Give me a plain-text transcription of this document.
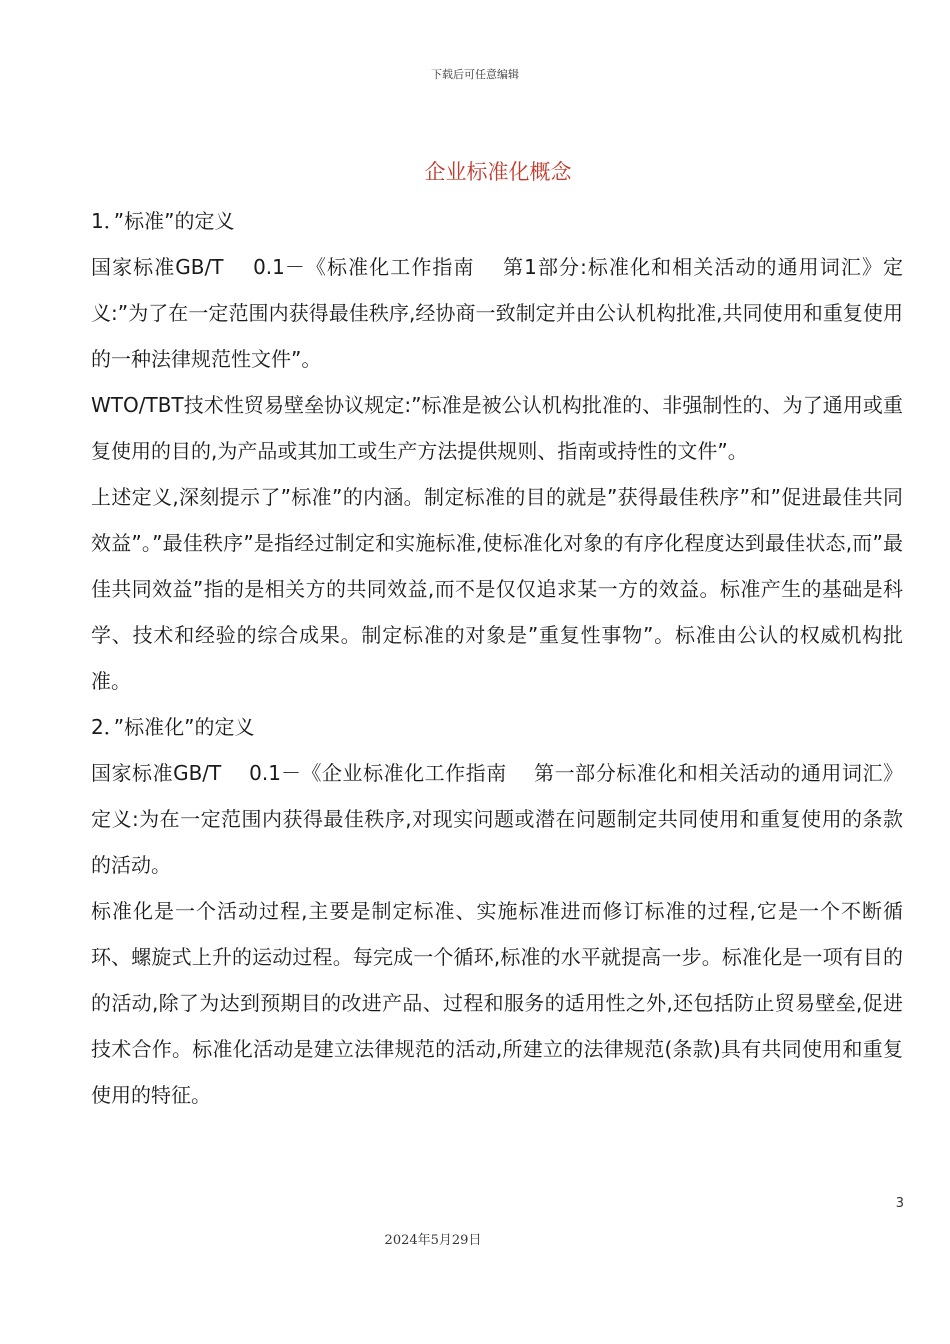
下载后可任意编辑
企业标准化概念

1．”标准”的定义

国家标准GB/T　 0.1－《标准化工作指南　 第1部分:标准化和相关活动的通用词汇》定义:”为了在一定范围内获得最佳秩序,经协商一致制定并由公认机构批准,共同使用和重复使用的一种法律规范性文件”。

WTO/TBT技术性贸易壁垒协议规定:”标准是被公认机构批准的、非强制性的、为了通用或重复使用的目的,为产品或其加工或生产方法提供规则、指南或持性的文件”。

上述定义,深刻提示了”标准”的内涵。制定标准的目的就是”获得最佳秩序”和”促进最佳共同效益”。”最佳秩序”是指经过制定和实施标准,使标准化对象的有序化程度达到最佳状态,而”最佳共同效益”指的是相关方的共同效益,而不是仅仅追求某一方的效益。标准产生的基础是科学、技术和经验的综合成果。制定标准的对象是”重复性事物”。标准由公认的权威机构批准。

2．”标准化”的定义

国家标准GB/T　 0.1－《企业标准化工作指南　 第一部分标准化和相关活动的通用词汇》定义:为在一定范围内获得最佳秩序,对现实问题或潜在问题制定共同使用和重复使用的条款的活动。

标准化是一个活动过程,主要是制定标准、实施标准进而修订标准的过程,它是一个不断循环、螺旋式上升的运动过程。每完成一个循环,标准的水平就提高一步。标准化是一项有目的的活动,除了为达到预期目的改进产品、过程和服务的适用性之外,还包括防止贸易壁垒,促进技术合作。标准化活动是建立法律规范的活动,所建立的法律规范(条款)具有共同使用和重复使用的特征。

3
2024年5月29日
